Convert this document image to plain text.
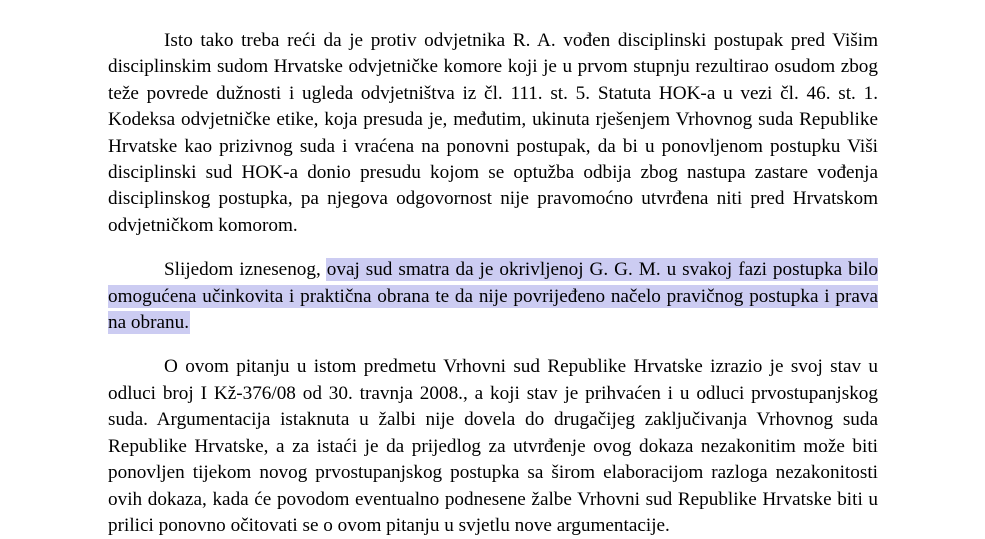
Isto tako treba reći da je protiv odvjetnika R. A. vođen disciplinski postupak pred Višim disciplinskim sudom Hrvatske odvjetničke komore koji je u prvom stupnju rezultirao osudom zbog teže povrede dužnosti i ugleda odvjetništva iz čl. 111. st. 5. Statuta HOK-a u vezi čl. 46. st. 1. Kodeksa odvjetničke etike, koja presuda je, međutim, ukinuta rješenjem Vrhovnog suda Republike Hrvatske kao prizivnog suda i vraćena na ponovni postupak, da bi u ponovljenom postupku Viši disciplinski sud HOK-a donio presudu kojom se optužba odbija zbog nastupa zastare vođenja disciplinskog postupka, pa njegova odgovornost nije pravomoćno utvrđena niti pred Hrvatskom odvjetničkom komorom.

Slijedom iznesenog, ovaj sud smatra da je okrivljenoj G. G. M. u svakoj fazi postupka bilo omogućena učinkovita i praktična obrana te da nije povrijeđeno načelo pravičnog postupka i prava na obranu.

O ovom pitanju u istom predmetu Vrhovni sud Republike Hrvatske izrazio je svoj stav u odluci broj I Kž-376/08 od 30. travnja 2008., a koji stav je prihvaćen i u odluci prvostupanjskog suda. Argumentacija istaknuta u žalbi nije dovela do drugačijeg zaključivanja Vrhovnog suda Republike Hrvatske, a za istaći je da prijedlog za utvrđenje ovog dokaza nezakonitim može biti ponovljen tijekom novog prvostupanjskog postupka sa širom elaboracijom razloga nezakonitosti ovih dokaza, kada će povodom eventualno podnesene žalbe Vrhovni sud Republike Hrvatske biti u prilici ponovno očitovati se o ovom pitanju u svjetlu nove argumentacije.
